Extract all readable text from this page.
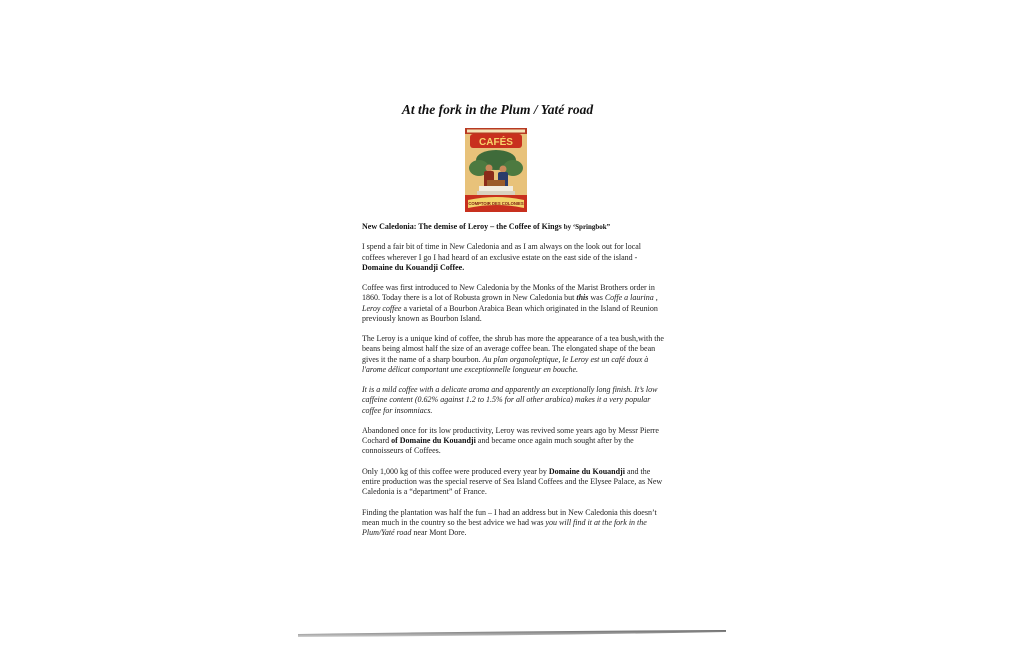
At the fork in the Plum / Yaté road
CAFÉS
COMPTOIR DES COLONIES

New Caledonia: The demise of Leroy – the Coffee of Kings by ‘Springbok”

I spend a fair bit of time in New Caledonia and as I am always on the look out for local coffees wherever I go I had heard of an exclusive estate on the east side of the island - Domaine du Kouandji Coffee.

Coffee was first introduced to New Caledonia by the Monks of the Marist Brothers order in 1860. Today there is a lot of Robusta grown in New Caledonia but this was Coffe a laurina , Leroy coffee a varietal of a Bourbon Arabica Bean which originated in the Island of Reunion previously known as Bourbon Island.

The Leroy is a unique kind of coffee, the shrub has more the appearance of a tea bush,with the beans being almost half the size of an average coffee bean. The elongated shape of the bean gives it the name of a sharp bourbon. Au plan organoleptique, le Leroy est un café doux à l'arome délicat comportant une exceptionnelle longueur en bouche.

It is a mild coffee with a delicate aroma and apparently an exceptionally long finish. It’s low caffeine content (0.62% against 1.2 to 1.5% for all other arabica) makes it a very popular coffee for insomniacs.

Abandoned once for its low productivity, Leroy was revived some years ago by Messr Pierre Cochard of Domaine du Kouandji and became once again much sought after by the connoisseurs of Coffees.

Only 1,000 kg of this coffee were produced every year by Domaine du Kouandji and the entire production was the special reserve of Sea Island Coffees and the Elysee Palace, as New Caledonia is a “department” of France.

Finding the plantation was half the fun – I had an address but in New Caledonia this doesn’t mean much in the country so the best advice we had was you will find it at the fork in the Plum/Yaté road near Mont Dore.
